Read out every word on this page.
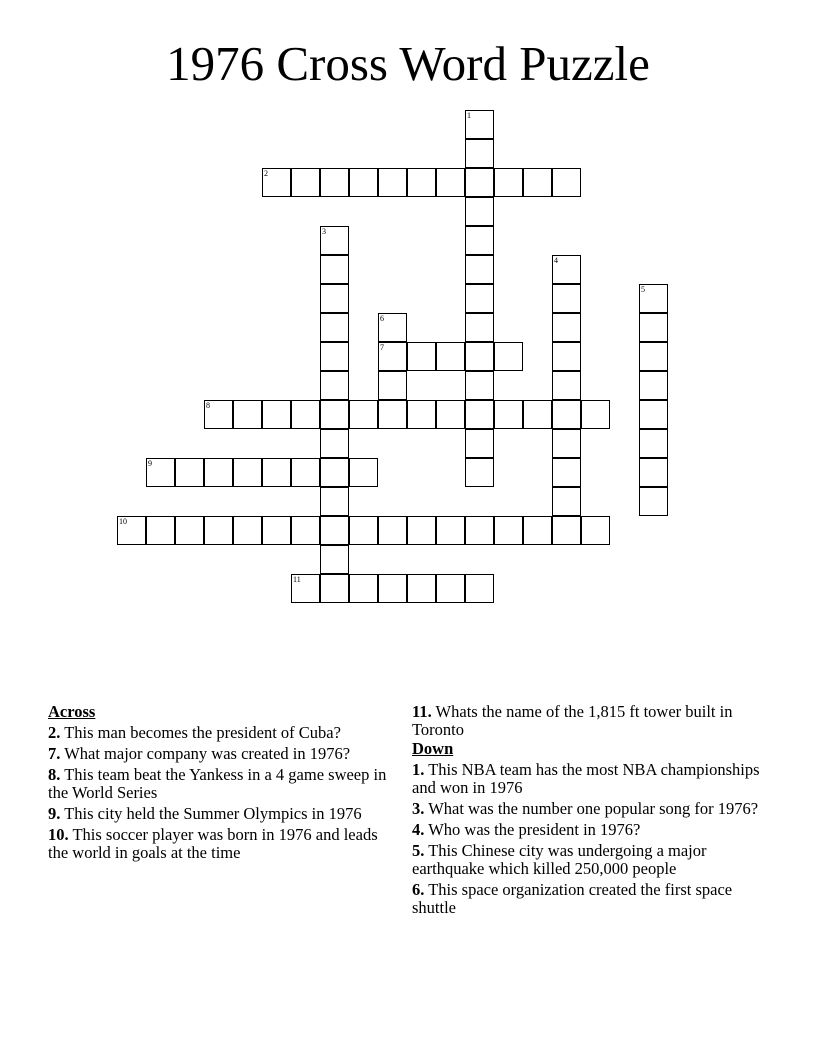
1976 Cross Word Puzzle
1
2
3
4
5
6
7
8
9
10
11
Across
2. This man becomes the president of Cuba?
7. What major company was created in 1976?
8. This team beat the Yankess in a 4 game sweep in the World Series
9. This city held the Summer Olympics in 1976
10. This soccer player was born in 1976 and leads the world in goals at the time
11. Whats the name of the 1,815 ft tower built in Toronto
Down
1. This NBA team has the most NBA championships and won in 1976
3. What was the number one popular song for 1976?
4. Who was the president in 1976?
5. This Chinese city was undergoing a major earthquake which killed 250,000 people
6. This space organization created the first space shuttle
